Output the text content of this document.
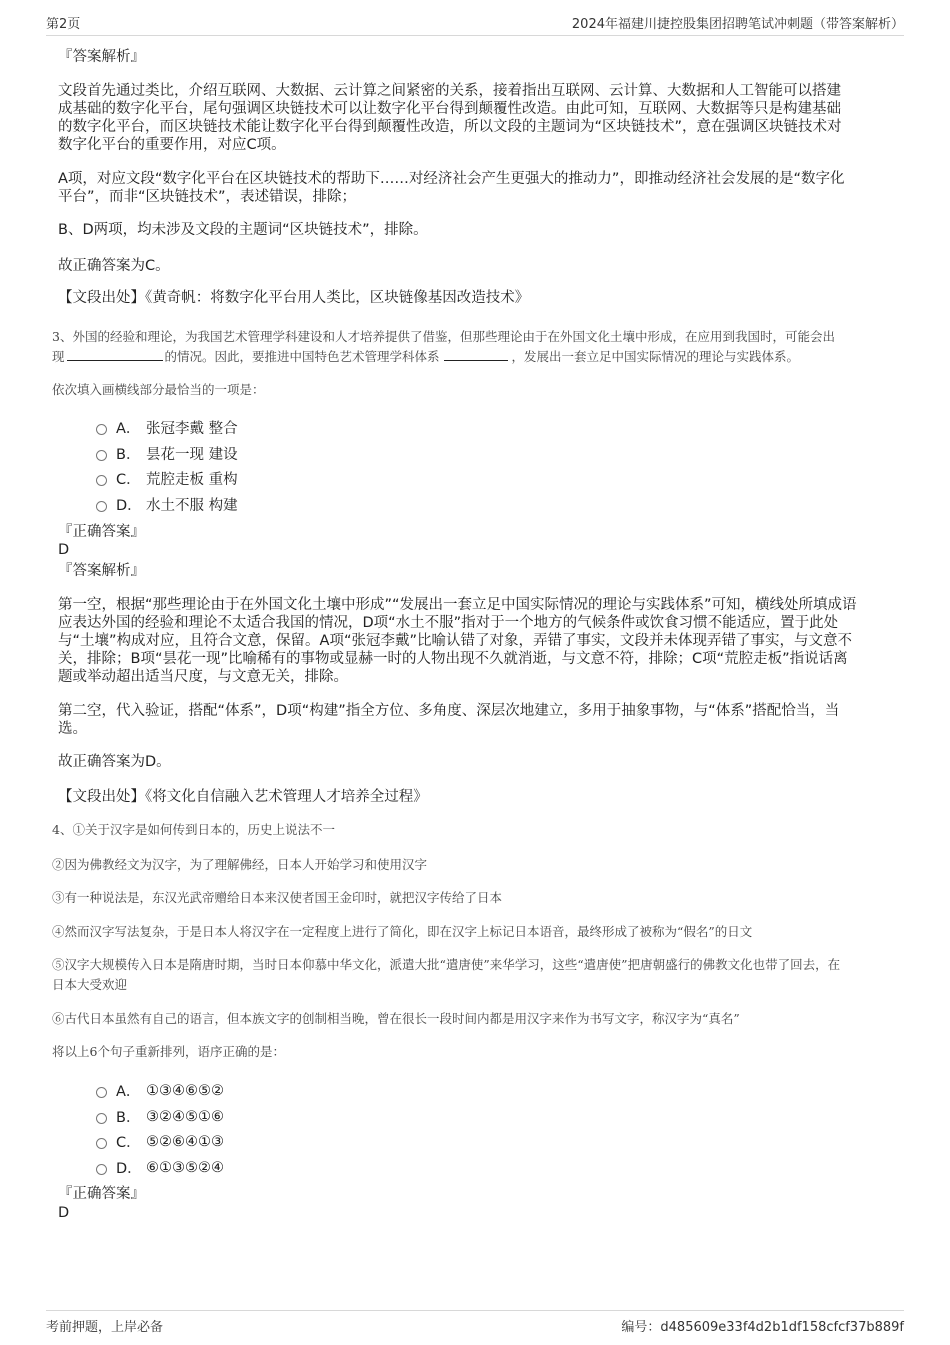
第2页	2024年福建川捷控股集团招聘笔试冲刺题（带答案解析）
『答案解析』
文段首先通过类比，介绍互联网、大数据、云计算之间紧密的关系，接着指出互联网、云计算、大数据和人工智能可以搭建
成基础的数字化平台，尾句强调区块链技术可以让数字化平台得到颠覆性改造。由此可知，互联网、大数据等只是构建基础
的数字化平台，而区块链技术能让数字化平台得到颠覆性改造，所以文段的主题词为“区块链技术”，意在强调区块链技术对
数字化平台的重要作用，对应C项。
A项，对应文段“数字化平台在区块链技术的帮助下……对经济社会产生更强大的推动力”，即推动经济社会发展的是“数字化
平台”，而非“区块链技术”，表述错误，排除；
B、D两项，均未涉及文段的主题词“区块链技术”，排除。
故正确答案为C。
【文段出处】《黄奇帆：将数字化平台用人类比，区块链像基因改造技术》
3、外国的经验和理论，为我国艺术管理学科建设和人才培养提供了借鉴，但那些理论由于在外国文化土壤中形成，在应用到我国时，可能会出
现	的情况。因此，要推进中国特色艺术管理学科体系	，发展出一套立足中国实际情况的理论与实践体系。
依次填入画横线部分最恰当的一项是：
A． 张冠李戴 整合
B． 昙花一现 建设
C． 荒腔走板 重构
D． 水土不服 构建
『正确答案』
D
『答案解析』
第一空，根据“那些理论由于在外国文化土壤中形成”“发展出一套立足中国实际情况的理论与实践体系”可知，横线处所填成语
应表达外国的经验和理论不太适合我国的情况，D项“水土不服”指对于一个地方的气候条件或饮食习惯不能适应，置于此处
与“土壤”构成对应，且符合文意，保留。A项“张冠李戴”比喻认错了对象，弄错了事实，文段并未体现弄错了事实，与文意不
关，排除；B项“昙花一现”比喻稀有的事物或显赫一时的人物出现不久就消逝，与文意不符，排除；C项“荒腔走板”指说话离
题或举动超出适当尺度，与文意无关，排除。
第二空，代入验证，搭配“体系”，D项“构建”指全方位、多角度、深层次地建立，多用于抽象事物，与“体系”搭配恰当，当
选。
故正确答案为D。
【文段出处】《将文化自信融入艺术管理人才培养全过程》
4、①关于汉字是如何传到日本的，历史上说法不一
②因为佛教经文为汉字，为了理解佛经，日本人开始学习和使用汉字
③有一种说法是，东汉光武帝赠给日本来汉使者国王金印时，就把汉字传给了日本
④然而汉字写法复杂，于是日本人将汉字在一定程度上进行了简化，即在汉字上标记日本语音，最终形成了被称为“假名”的日文
⑤汉字大规模传入日本是隋唐时期，当时日本仰慕中华文化，派遣大批“遣唐使”来华学习，这些“遣唐使”把唐朝盛行的佛教文化也带了回去，在
日本大受欢迎
⑥古代日本虽然有自己的语言，但本族文字的创制相当晚，曾在很长一段时间内都是用汉字来作为书写文字，称汉字为“真名”
将以上6个句子重新排列，语序正确的是：
A． ①③④⑥⑤②
B． ③②④⑤①⑥
C． ⑤②⑥④①③
D． ⑥①③⑤②④
『正确答案』
D
考前押题，上岸必备	编号：d485609e33f4d2b1df158cfcf37b889f
